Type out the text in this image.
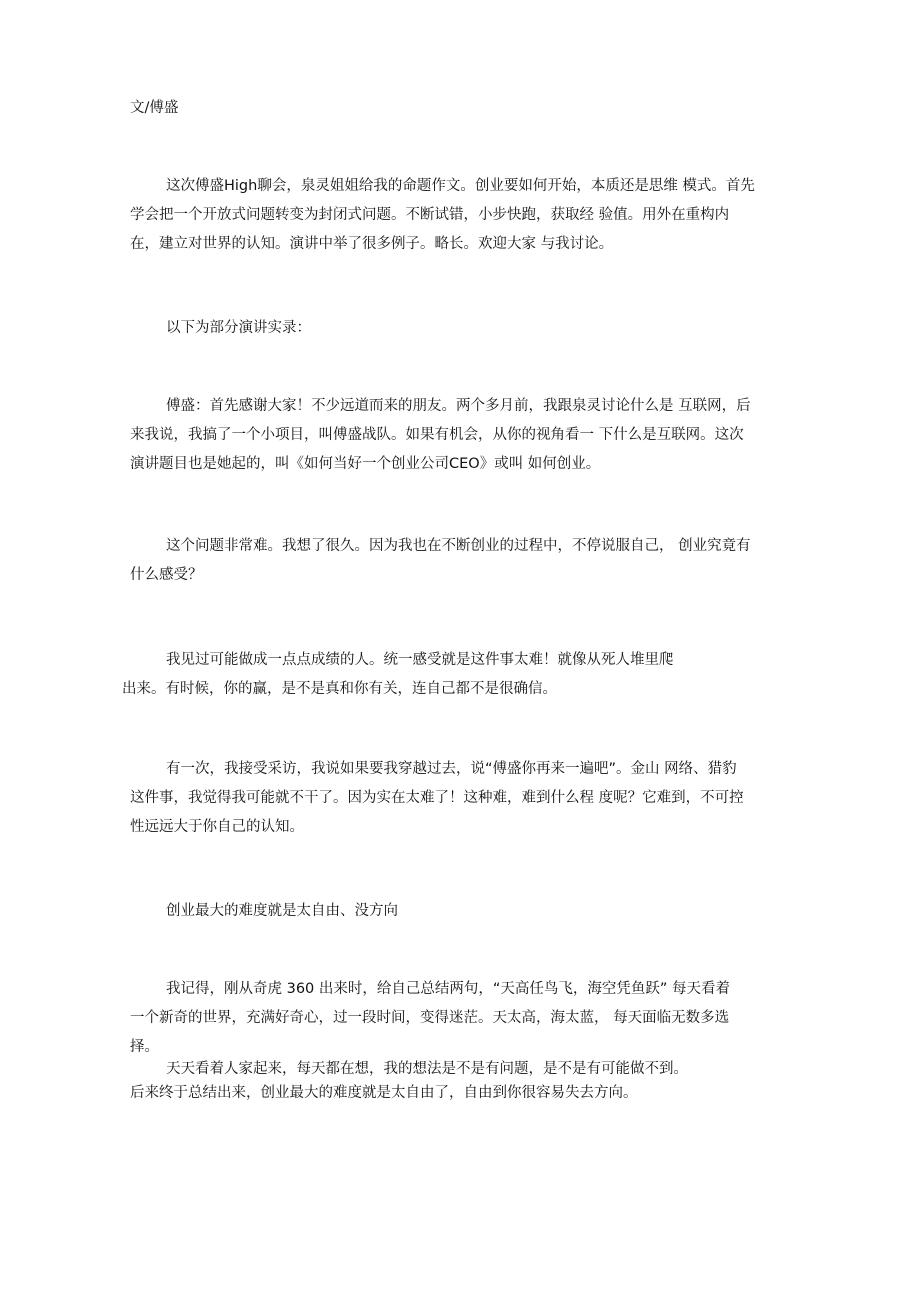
文/傅盛

这次傅盛High聊会，泉灵姐姐给我的命题作文。创业要如何开始，本质还是思维 模式。首先
学会把一个开放式问题转变为封闭式问题。不断试错，小步快跑，获取经 验值。用外在重构内
在，建立对世界的认知。演讲中举了很多例子。略长。欢迎大家 与我讨论。

以下为部分演讲实录：

傅盛：首先感谢大家！不少远道而来的朋友。两个多月前，我跟泉灵讨论什么是 互联网，后
来我说，我搞了一个小项目，叫傅盛战队。如果有机会，从你的视角看一 下什么是互联网。这次
演讲题目也是她起的，叫《如何当好一个创业公司CEO》或叫 如何创业。

这个问题非常难。我想了很久。因为我也在不断创业的过程中，不停说服自己， 创业究竟有
什么感受？

我见过可能做成一点点成绩的人。统一感受就是这件事太难！就像从死人堆里爬
出来。有时候，你的赢，是不是真和你有关，连自己都不是很确信。

有一次，我接受采访，我说如果要我穿越过去，说“傅盛你再来一遍吧”。金山 网络、猎豹
这件事，我觉得我可能就不干了。因为实在太难了！这种难，难到什么程 度呢？它难到，不可控
性远远大于你自己的认知。

创业最大的难度就是太自由、没方向

我记得，刚从奇虎 360 出来时，给自己总结两句，“天高任鸟飞，海空凭鱼跃” 每天看着
一个新奇的世界，充满好奇心，过一段时间，变得迷茫。天太高，海太蓝， 每天面临无数多选
择。

天天看着人家起来，每天都在想，我的想法是不是有问题，是不是有可能做不到。
后来终于总结出来，创业最大的难度就是太自由了，自由到你很容易失去方向。
